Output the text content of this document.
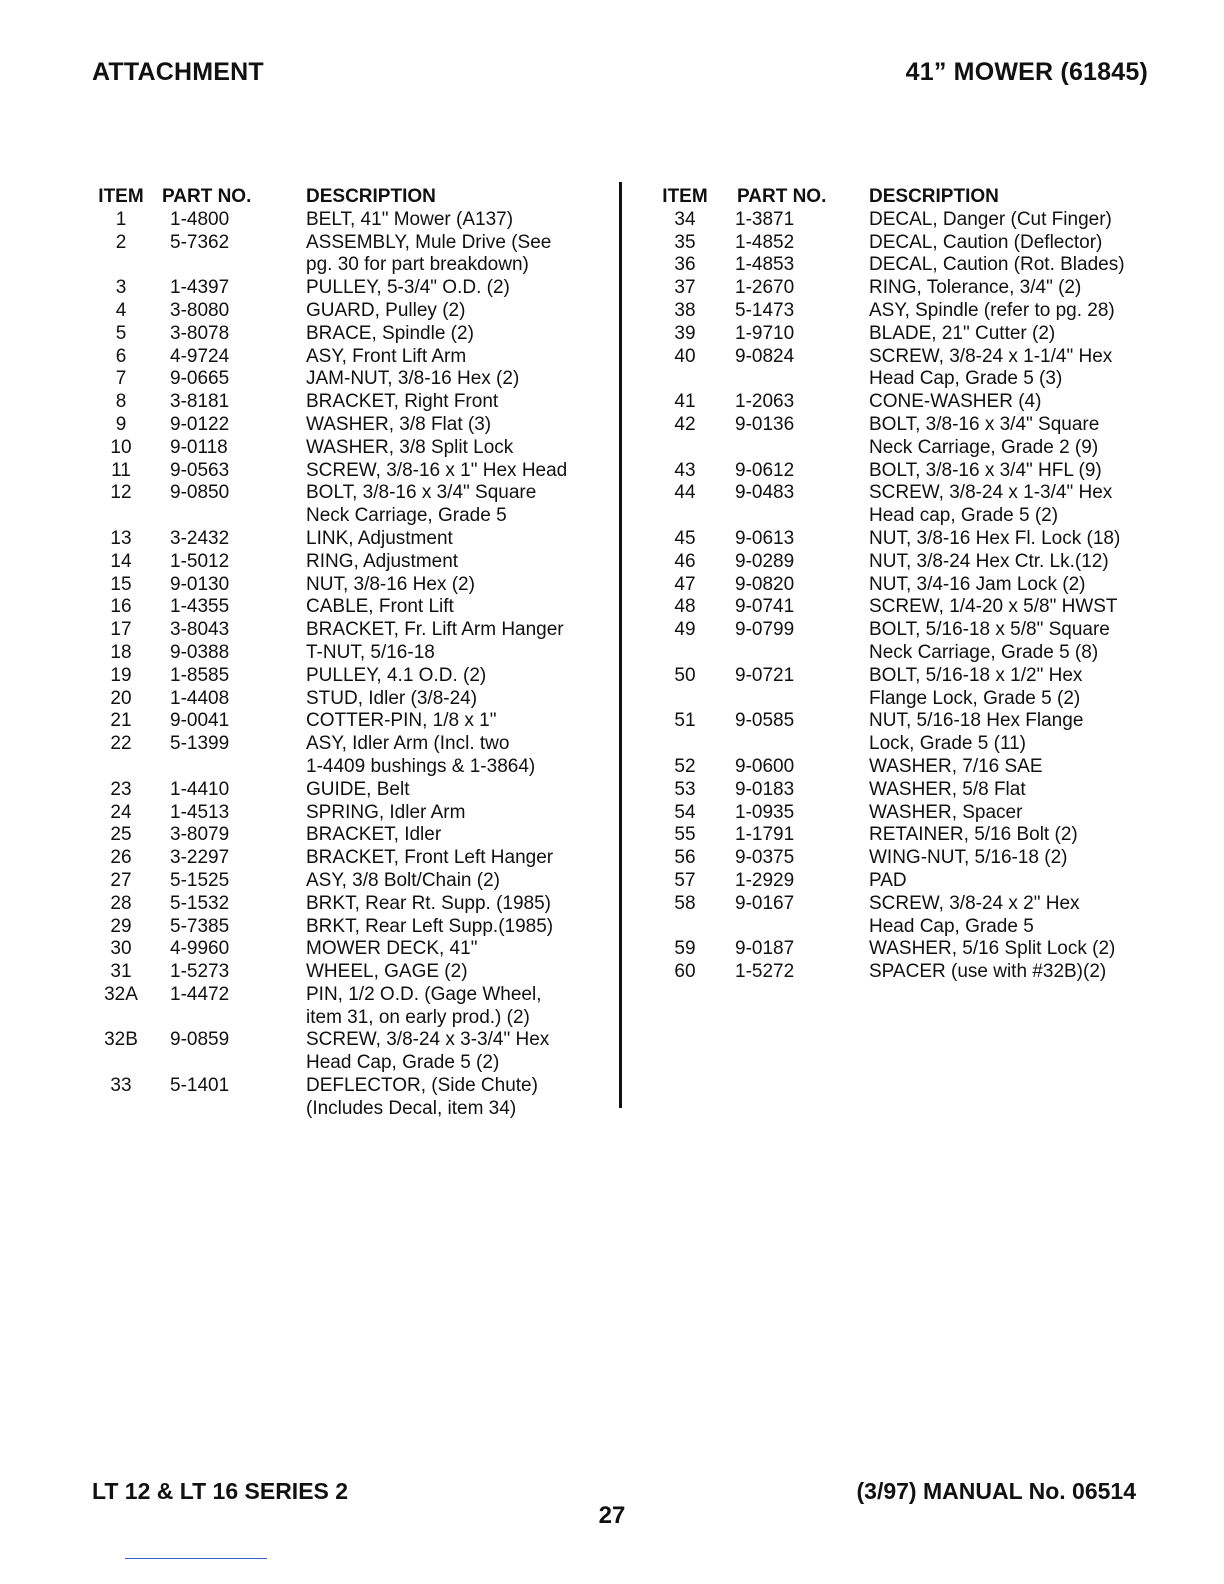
ATTACHMENT	41” MOWER (61845)
ITEM PART NO.	DESCRIPTION
1	1-4800	BELT, 41" Mower (A137)
2	5-7362	ASSEMBLY, Mule Drive (See
pg. 30 for part breakdown)
3	1-4397	PULLEY, 5-3/4" O.D. (2)
4	3-8080	GUARD, Pulley (2)
5	3-8078	BRACE, Spindle (2)
6	4-9724	ASY, Front Lift Arm
7	9-0665	JAM-NUT, 3/8-16 Hex (2)
8	3-8181	BRACKET, Right Front
9	9-0122	WASHER, 3/8 Flat (3)
10	9-0118	WASHER, 3/8 Split Lock
11	9-0563	SCREW, 3/8-16 x 1" Hex Head
12	9-0850	BOLT, 3/8-16 x 3/4" Square
Neck Carriage, Grade 5
13	3-2432	LINK, Adjustment
14	1-5012	RING, Adjustment
15	9-0130	NUT, 3/8-16 Hex (2)
16	1-4355	CABLE, Front Lift
17	3-8043	BRACKET, Fr. Lift Arm Hanger
18	9-0388	T-NUT, 5/16-18
19	1-8585	PULLEY, 4.1 O.D. (2)
20	1-4408	STUD, Idler (3/8-24)
21	9-0041	COTTER-PIN, 1/8 x 1"
22	5-1399	ASY, Idler Arm (Incl. two
1-4409 bushings & 1-3864)
23	1-4410	GUIDE, Belt
24	1-4513	SPRING, Idler Arm
25	3-8079	BRACKET, Idler
26	3-2297	BRACKET, Front Left Hanger
27	5-1525	ASY, 3/8 Bolt/Chain (2)
28	5-1532	BRKT, Rear Rt. Supp. (1985)
29	5-7385	BRKT, Rear Left Supp.(1985)
30	4-9960	MOWER DECK, 41"
31	1-5273	WHEEL, GAGE (2)
32A	1-4472	PIN, 1/2 O.D. (Gage Wheel,
item 31, on early prod.) (2)
32B	9-0859	SCREW, 3/8-24 x 3-3/4" Hex
Head Cap, Grade 5 (2)
33	5-1401	DEFLECTOR, (Side Chute)
(Includes Decal, item 34)
ITEM	PART NO.	DESCRIPTION
34	1-3871	DECAL, Danger (Cut Finger)
35	1-4852	DECAL, Caution (Deflector)
36	1-4853	DECAL, Caution (Rot. Blades)
37	1-2670	RING, Tolerance, 3/4" (2)
38	5-1473	ASY, Spindle (refer to pg. 28)
39	1-9710	BLADE, 21" Cutter (2)
40	9-0824	SCREW, 3/8-24 x 1-1/4" Hex
Head Cap, Grade 5 (3)
41	1-2063	CONE-WASHER (4)
42	9-0136	BOLT, 3/8-16 x 3/4" Square
Neck Carriage, Grade 2 (9)
43	9-0612	BOLT, 3/8-16 x 3/4" HFL (9)
44	9-0483	SCREW, 3/8-24 x 1-3/4" Hex
Head cap, Grade 5 (2)
45	9-0613	NUT, 3/8-16 Hex Fl. Lock (18)
46	9-0289	NUT, 3/8-24 Hex Ctr. Lk.(12)
47	9-0820	NUT, 3/4-16 Jam Lock (2)
48	9-0741	SCREW, 1/4-20 x 5/8" HWST
49	9-0799	BOLT, 5/16-18 x 5/8" Square
Neck Carriage, Grade 5 (8)
50	9-0721	BOLT, 5/16-18 x 1/2" Hex
Flange Lock, Grade 5 (2)
51	9-0585	NUT, 5/16-18 Hex Flange
Lock, Grade 5 (11)
52	9-0600	WASHER, 7/16 SAE
53	9-0183	WASHER, 5/8 Flat
54	1-0935	WASHER, Spacer
55	1-1791	RETAINER, 5/16 Bolt (2)
56	9-0375	WING-NUT, 5/16-18 (2)
57	1-2929	PAD
58	9-0167	SCREW, 3/8-24 x 2" Hex
Head Cap, Grade 5
59	9-0187	WASHER, 5/16 Split Lock (2)
60	1-5272	SPACER (use with #32B)(2)
LT 12 & LT 16 SERIES 2	(3/97) MANUAL No. 06514
27
